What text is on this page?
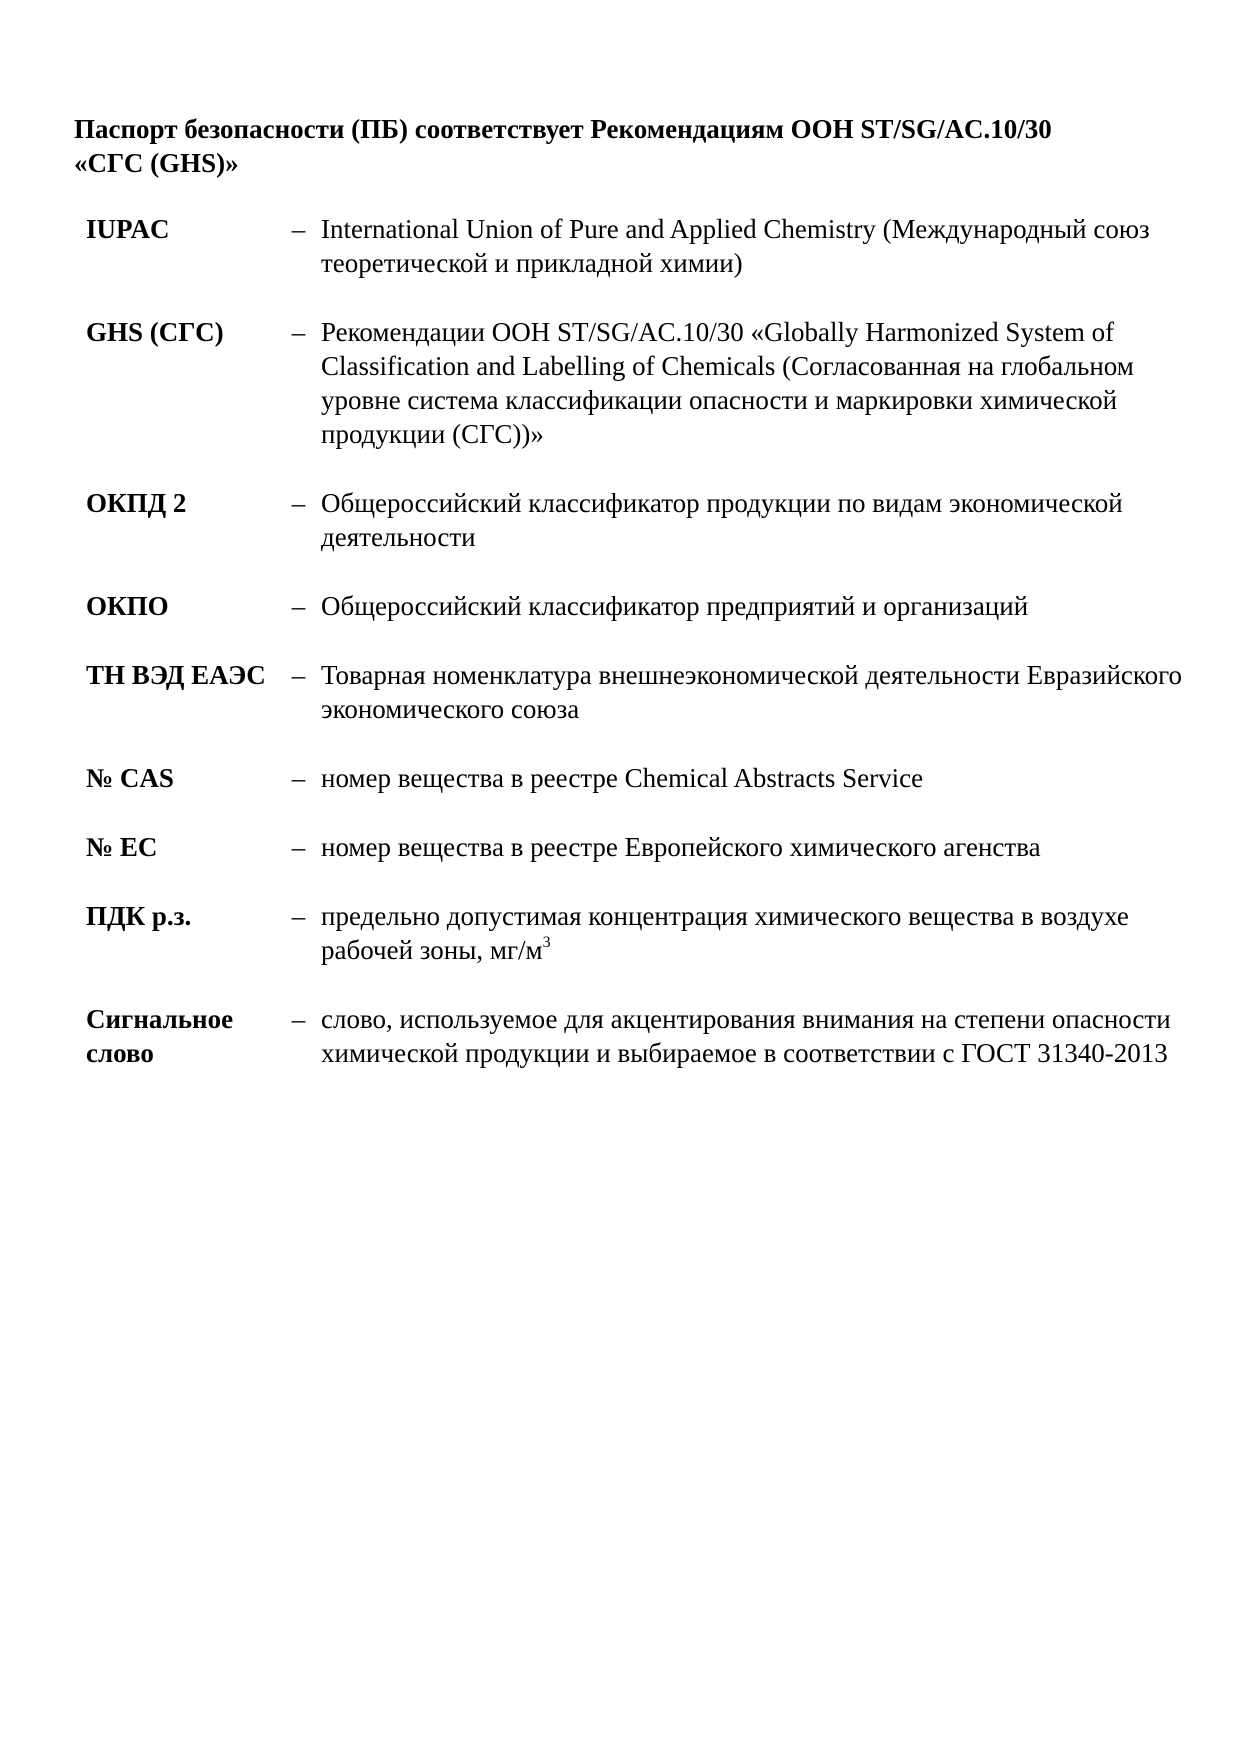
Паспорт безопасности (ПБ) соответствует Рекомендациям ООН ST/SG/AC.10/30
«СГС (GHS)»
IUPAC	– International Union of Pure and Applied Chemistry (Международный союз теоретической и прикладной химии)
GHS (СГС)	– Рекомендации ООН ST/SG/AC.10/30 «Globally Harmonized System of Classification and Labelling of Chemicals (Согласованная на глобальном уровне система классификации опасности и маркировки химической продукции (СГС))»
ОКПД 2	– Общероссийский классификатор продукции по видам экономической деятельности
ОКПО	– Общероссийский классификатор предприятий и организаций
ТН ВЭД ЕАЭС – Товарная номенклатура внешнеэкономической деятельности Евразийского экономического союза
№ CAS	– номер вещества в реестре Chemical Abstracts Service
№ ЕС	– номер вещества в реестре Европейского химического агенства
ПДК р.з.	– предельно допустимая концентрация химического вещества в воздухе рабочей зоны, $мг/м^3$
Сигнальное слово
– слово, используемое для акцентирования внимания на степени опасности химической продукции и выбираемое в соответствии с ГОСТ 31340-2013
